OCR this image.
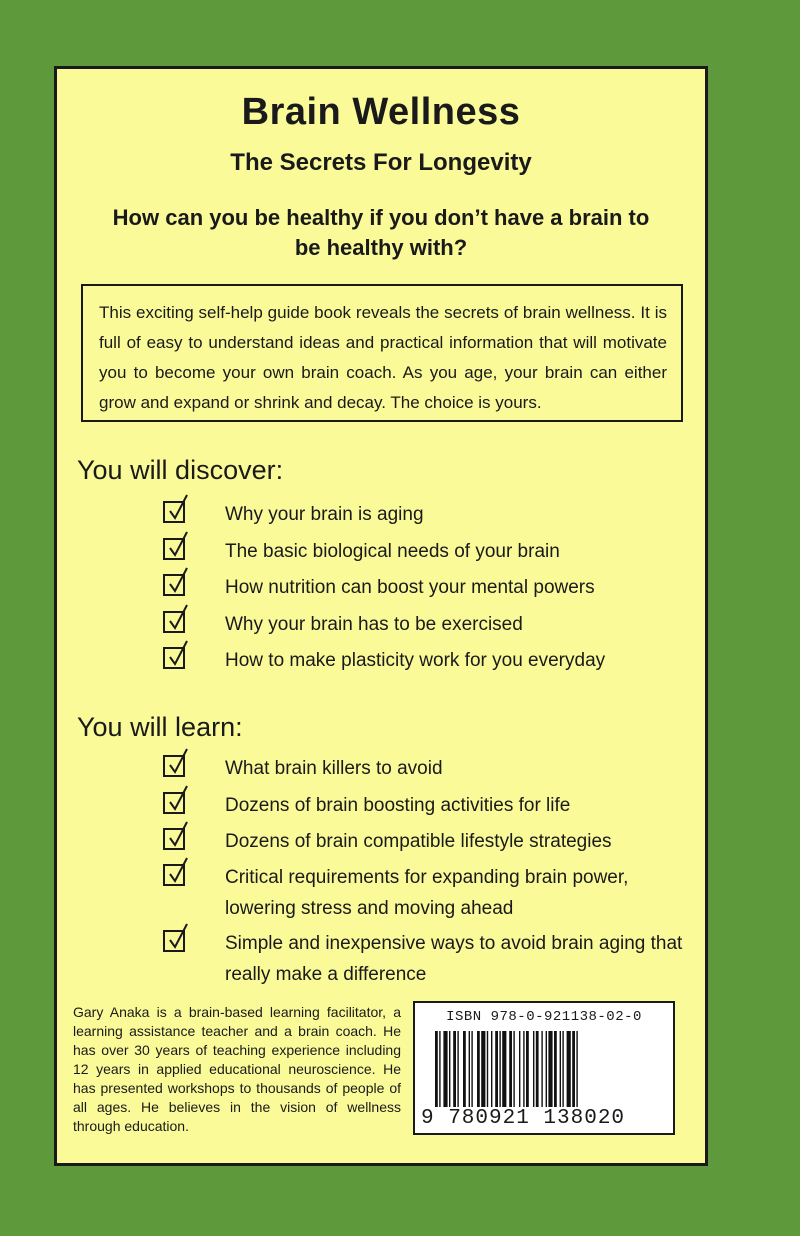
Brain Wellness
The Secrets For Longevity
How can you be healthy if you don’t have a brain to be healthy with?
This exciting self-help guide book reveals the secrets of brain wellness. It is full of easy to understand ideas and practical information that will motivate you to become your own brain coach. As you age, your brain can either grow and expand or shrink and decay. The choice is yours.
You will discover:
Why your brain is aging
The basic biological needs of your brain
How nutrition can boost your mental powers
Why your brain has to be exercised
How to make plasticity work for you everyday
You will learn:
What brain killers to avoid
Dozens of brain boosting activities for life
Dozens of brain compatible lifestyle strategies
Critical requirements for expanding brain power, lowering stress and moving ahead
Simple and inexpensive ways to avoid brain aging that really make a difference
Gary Anaka is a brain-based learning facilitator, a learning assistance teacher and a brain coach. He has over 30 years of teaching experience including 12 years in applied educational neuroscience. He has presented workshops to thousands of people of all ages. He believes in the vision of wellness through education.
ISBN 978-0-921138-02-0
9 780921 138020
